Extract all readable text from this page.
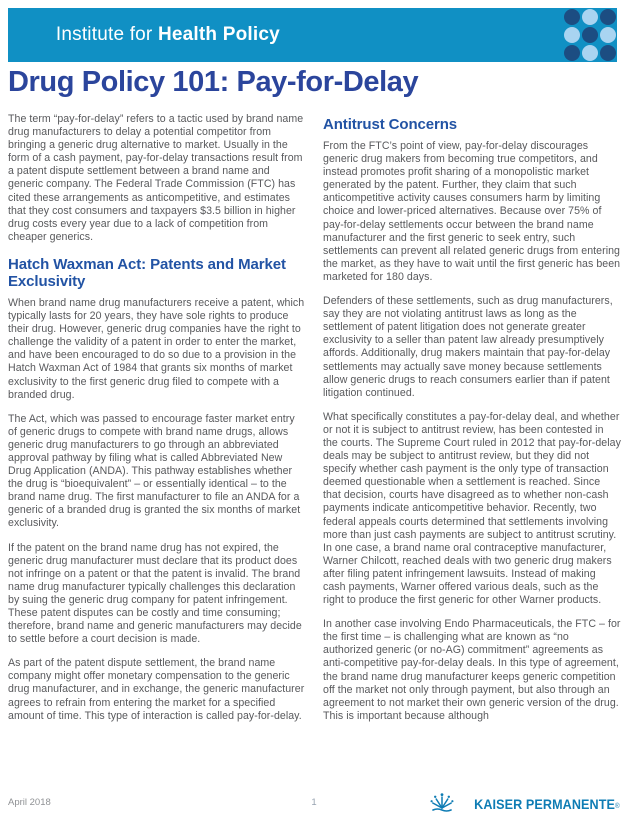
Institute for Health Policy

Drug Policy 101: Pay-for-Delay

The term “pay-for-delay” refers to a tactic used by brand name drug manufacturers to delay a potential competitor from bringing a generic drug alternative to market. Usually in the form of a cash payment, pay-for-delay transactions result from a patent dispute settlement between a brand name and generic company. The Federal Trade Commission (FTC) has cited these arrangements as anticompetitive, and estimates that they cost consumers and taxpayers $3.5 billion in higher drug costs every year due to a lack of competition from cheaper generics.

Hatch Waxman Act: Patents and Market Exclusivity

When brand name drug manufacturers receive a patent, which typically lasts for 20 years, they have sole rights to produce their drug. However, generic drug companies have the right to challenge the validity of a patent in order to enter the market, and have been encouraged to do so due to a provision in the Hatch Waxman Act of 1984 that grants six months of market exclusivity to the first generic drug filed to compete with a branded drug.

The Act, which was passed to encourage faster market entry of generic drugs to compete with brand name drugs, allows generic drug manufacturers to go through an abbreviated approval pathway by filing what is called Abbreviated New Drug Application (ANDA). This pathway establishes whether the drug is “bioequivalent” – or essentially identical – to the brand name drug. The first manufacturer to file an ANDA for a generic of a branded drug is granted the six months of market exclusivity.

If the patent on the brand name drug has not expired, the generic drug manufacturer must declare that its product does not infringe on a patent or that the patent is invalid. The brand name drug manufacturer typically challenges this declaration by suing the generic drug company for patent infringement. These patent disputes can be costly and time consuming; therefore, brand name and generic manufacturers may decide to settle before a court decision is made.

As part of the patent dispute settlement, the brand name company might offer monetary compensation to the generic drug manufacturer, and in exchange, the generic manufacturer agrees to refrain from entering the market for a specified amount of time. This type of interaction is called pay-for-delay.

Antitrust Concerns

From the FTC’s point of view, pay-for-delay discourages generic drug makers from becoming true competitors, and instead promotes profit sharing of a monopolistic market generated by the patent. Further, they claim that such anticompetitive activity causes consumers harm by limiting choice and lower-priced alternatives. Because over 75% of pay-for-delay settlements occur between the brand name manufacturer and the first generic to seek entry, such settlements can prevent all related generic drugs from entering the market, as they have to wait until the first generic has been marketed for 180 days.

Defenders of these settlements, such as drug manufacturers, say they are not violating antitrust laws as long as the settlement of patent litigation does not generate greater exclusivity to a seller than patent law already presumptively affords. Additionally, drug makers maintain that pay-for-delay settlements may actually save money because settlements allow generic drugs to reach consumers earlier than if patent litigation continued.

What specifically constitutes a pay-for-delay deal, and whether or not it is subject to antitrust review, has been contested in the courts. The Supreme Court ruled in 2012 that pay-for-delay deals may be subject to antitrust review, but they did not specify whether cash payment is the only type of transaction deemed questionable when a settlement is reached. Since that decision, courts have disagreed as to whether non-cash payments indicate anticompetitive behavior. Recently, two federal appeals courts determined that settlements involving more than just cash payments are subject to antitrust scrutiny. In one case, a brand name oral contraceptive manufacturer, Warner Chilcott, reached deals with two generic drug makers after filing patent infringement lawsuits. Instead of making cash payments, Warner offered various deals, such as the right to produce the first generic for other Warner products.

In another case involving Endo Pharmaceuticals, the FTC – for the first time – is challenging what are known as “no authorized generic (or no-AG) commitment” agreements as anti-competitive pay-for-delay deals. In this type of agreement, the brand name drug manufacturer keeps generic competition off the market not only through payment, but also through an agreement to not market their own generic version of the drug. This is important because although

April 2018	1	KAISER PERMANENTE®
